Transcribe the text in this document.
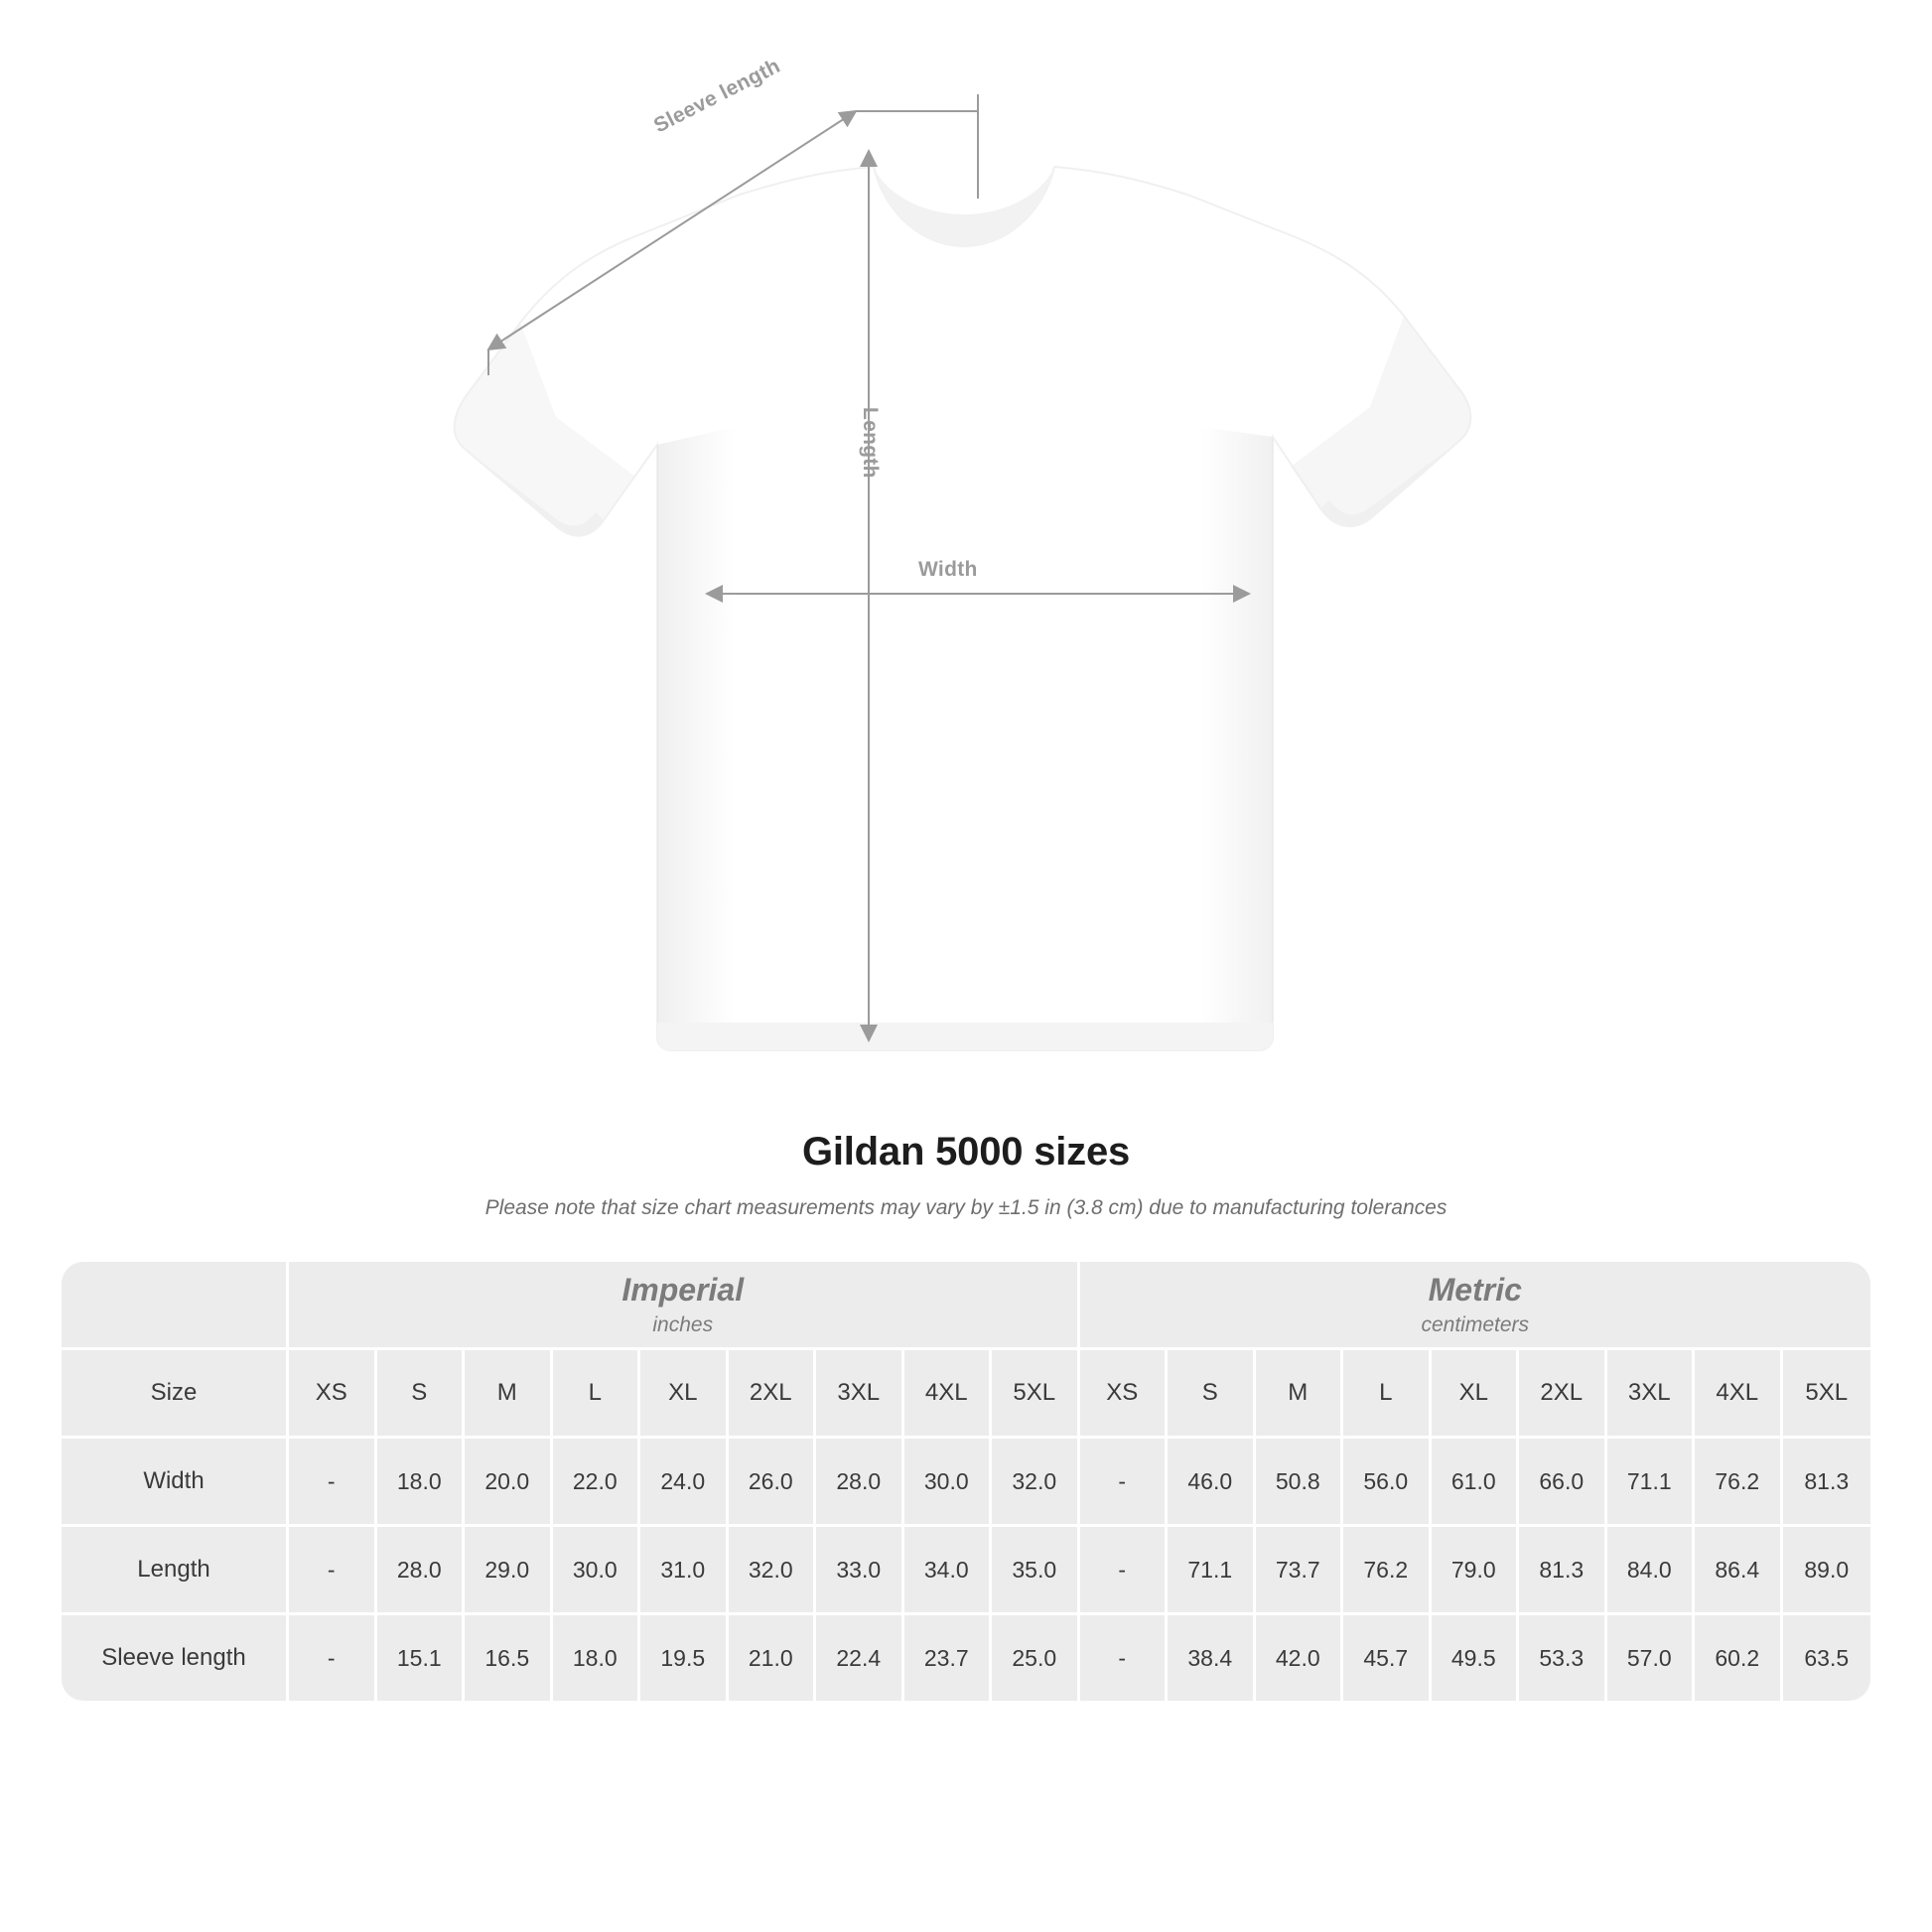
Sleeve length
Length
Width
Gildan 5000 sizes
Please note that size chart measurements may vary by ±1.5 in (3.8 cm) due to manufacturing tolerances

	Imperial
inches									Metric
centimeters								

Size	XS	S	M	L	XL	2XL	3XL	4XL	5XL	XS	S	M	L	XL	2XL	3XL	4XL	5XL
Width	-	18.0	20.0	22.0	24.0	26.0	28.0	30.0	32.0	-	46.0	50.8	56.0	61.0	66.0	71.1	76.2	81.3
Length	-	28.0	29.0	30.0	31.0	32.0	33.0	34.0	35.0	-	71.1	73.7	76.2	79.0	81.3	84.0	86.4	89.0
Sleeve length	-	15.1	16.5	18.0	19.5	21.0	22.4	23.7	25.0	-	38.4	42.0	45.7	49.5	53.3	57.0	60.2	63.5
